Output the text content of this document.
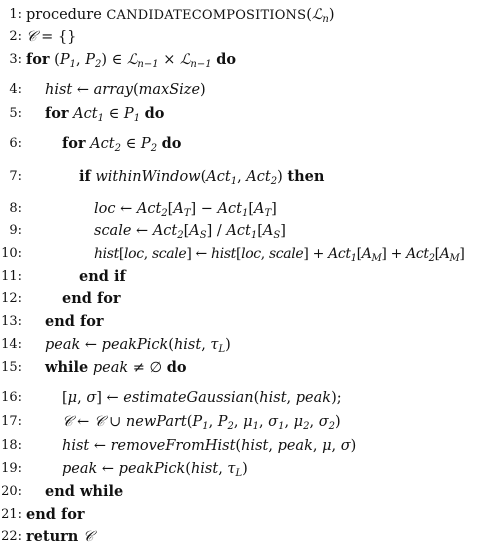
1: procedure CANDIDATECOMPOSITIONS(ℒ$_n$)
2: 𝒞 = {}
3: for ($P_1$, $P_2$) ∈ ℒ$_{n-1}$ × ℒ$_{n-1}$ do
4: hist ← array(maxSize)
5: for Act$_1$ ∈ $P_1$ do
6:	for Act$_2$ ∈ $P_2$ do
7:	if withinWindow(Act$_1$, Act$_2$) then
8:	loc ← $Act_2[A_T] - Act_1[A_T]$
9:	scale ← $Act_2[A_S] / Act_1[A_S]$
10:	hist[loc, scale] ← hist[loc, scale] + $Act_1[A_M] + Act_2[A_M]$
11:	end if
12:	end for
13: end for
14: peak ← peakPick(hist, $\tau_L$)
15: while peak ≠ ∅ do
16:	[μ, σ] ← estimateGaussian(hist, peak);
17:	𝒞 ← 𝒞 ∪ $newPart(P_1$, $P_2$, $\mu_1$, $\sigma_1$, $\mu_2$, $\sigma_2$)
18:	hist ← removeFromHist(hist, peak, μ, σ)
19:	peak ← peakPick(hist, $\tau_L$)
20: end while
21: end for
22: return 𝒞
